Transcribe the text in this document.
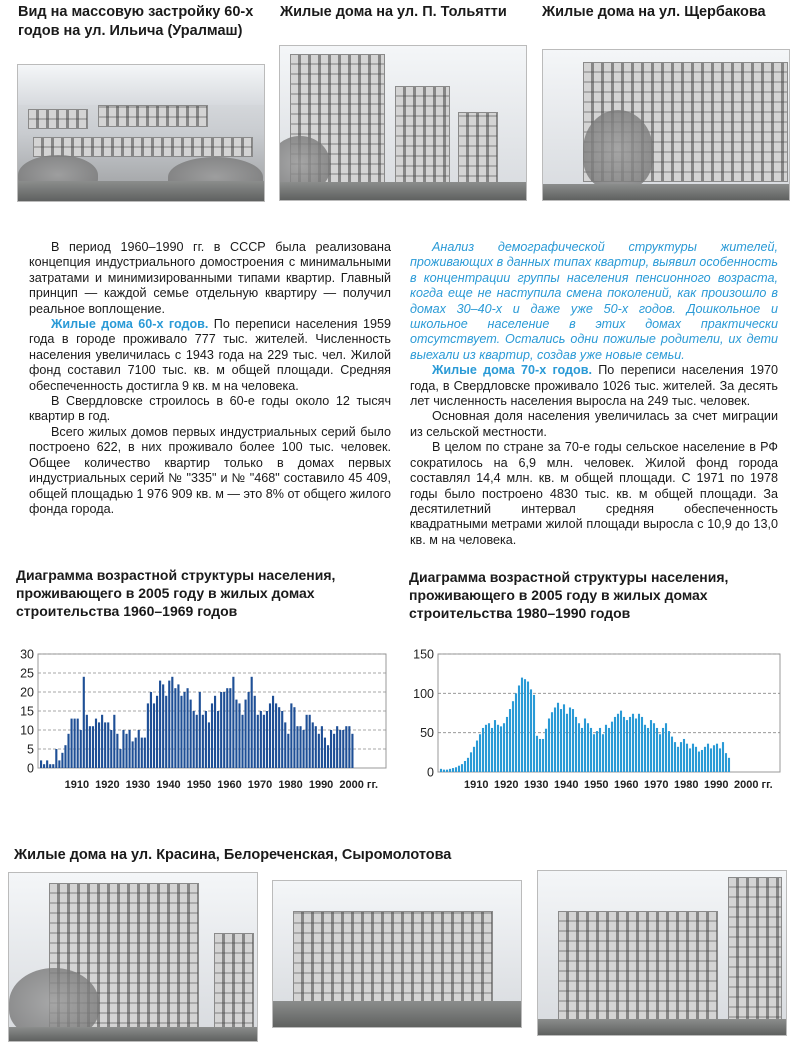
Вид на массовую застройку 60-х годов на ул. Ильича (Уралмаш)
Жилые дома на ул. П. Тольятти	Жилые дома на ул. Щербакова

В период 1960–1990 гг. в СССР была реализована концепция индустриального домостроения с минимальными затратами и минимизированными типами квартир. Главный принцип — каждой семье отдельную квартиру — получил реальное воплощение.

Жилые дома 60-х годов. По переписи населения 1959 года в городе проживало 777 тыс. жителей. Численность населения увеличилась с 1943 года на 229 тыс. чел. Жилой фонд составил 7100 тыс. кв. м общей площади. Средняя обеспеченность достигла 9 кв. м на человека.

В Свердловске строилось в 60-е годы около 12 тысяч квартир в год.

Всего жилых домов первых индустриальных серий было построено 622, в них проживало более 100 тыс. человек. Общее количество квартир только в домах первых индустриальных серий № "335" и № "468" составило 45 409, общей площадью 1 976 909 кв. м — это 8% от общего жилого фонда города.

Анализ демографической структуры жителей, проживающих в данных типах квартир, выявил особенность в концентрации группы населения пенсионного возраста, когда еще не наступила смена поколений, как произошло в домах 30–40-х и даже уже 50-х годов. Дошкольное и школьное население в этих домах практически отсутствует. Остались одни пожилые родители, их дети выехали из квартир, создав уже новые семьи.

Жилые дома 70-х годов. По переписи населения 1970 года, в Свердловске проживало 1026 тыс. жителей. За десять лет численность населения выросла на 249 тыс. человек.

Основная доля населения увеличилась за счет миграции из сельской местности.

В целом по стране за 70-е годы сельское население в РФ сократилось на 6,9 млн. человек. Жилой фонд города составлял 14,4 млн. кв. м общей площади. С 1971 по 1978 годы было построено 4830 тыс. кв. м общей площади. За десятилетний интервал средняя обеспеченность квадратными метрами жилой площади выросла с 10,9 до 13,0 кв. м на человека.

Диаграмма возрастной структуры населения, проживающего в 2005 году в жилых домах строительства 1960–1969 годов
Диаграмма возрастной структуры населения, проживающего в 2005 году в жилых домах строительства 1980–1990 годов
0
5
10
15
20
25
30
1910 1920 1930 1940 1950 1960 1970 1980 1990 2000 гг.
0
50
100
150
1910 1920 1930 1940 1950 1960 1970 1980 1990 2000 гг.
Жилые дома на ул. Красина, Белореченская, Сыромолотова
